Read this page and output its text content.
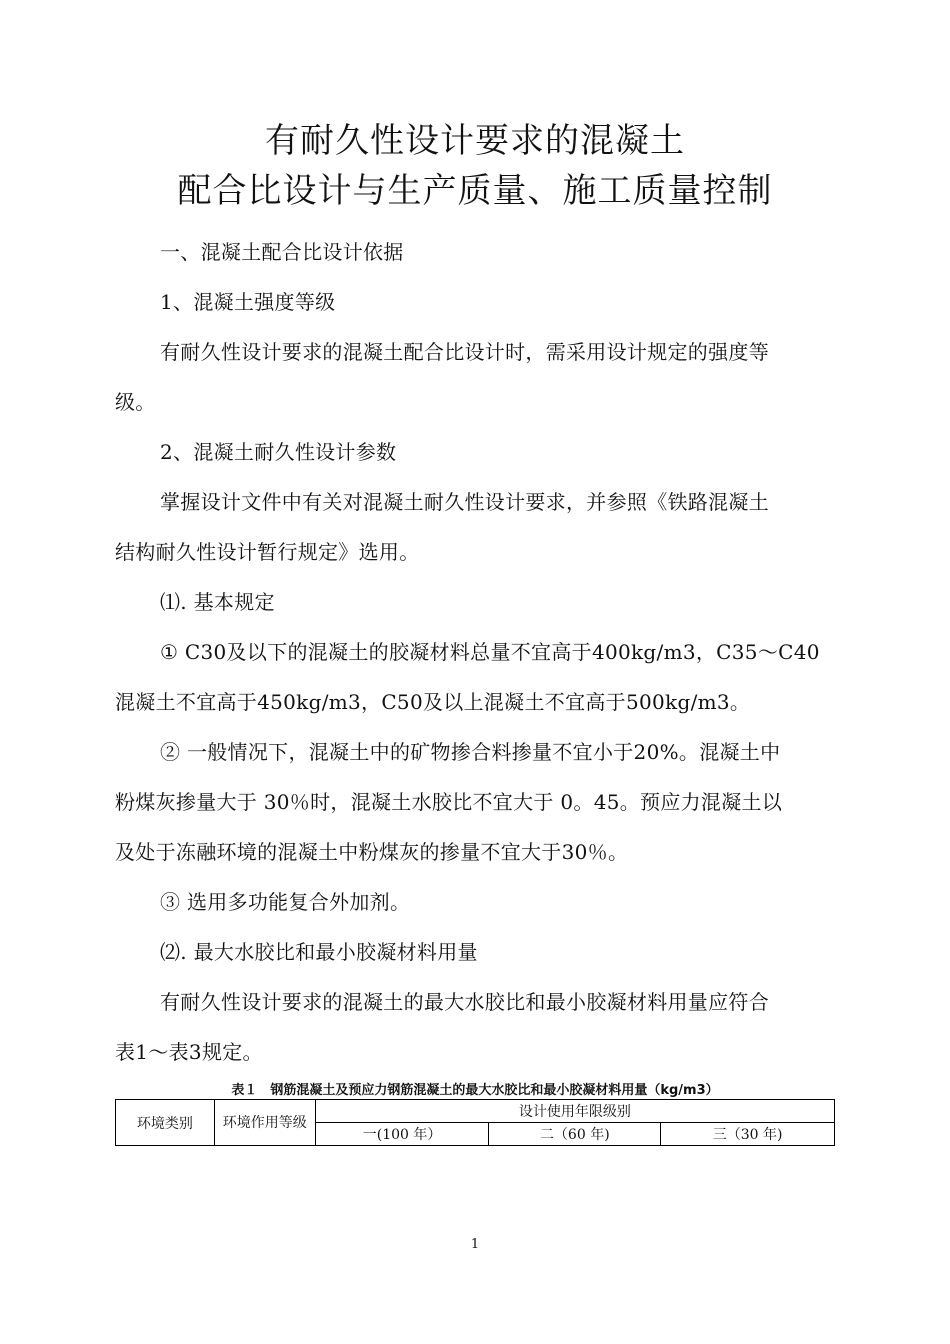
有耐久性设计要求的混凝土
配合比设计与生产质量、施工质量控制
一、混凝土配合比设计依据
1、混凝土强度等级
有耐久性设计要求的混凝土配合比设计时，需采用设计规定的强度等
级。
2、混凝土耐久性设计参数
掌握设计文件中有关对混凝土耐久性设计要求，并参照《铁路混凝土
结构耐久性设计暂行规定》选用。
⑴. 基本规定
① C30及以下的混凝土的胶凝材料总量不宜高于400kg/m3，C35～C40
混凝土不宜高于450kg/m3，C50及以上混凝土不宜高于500kg/m3。
② 一般情况下，混凝土中的矿物掺合料掺量不宜小于20%。混凝土中
粉煤灰掺量大于 30％时，混凝土水胶比不宜大于 0。45。预应力混凝土以
及处于冻融环境的混凝土中粉煤灰的掺量不宜大于30％。
③ 选用多功能复合外加剂。
⑵. 最大水胶比和最小胶凝材料用量
有耐久性设计要求的混凝土的最大水胶比和最小胶凝材料用量应符合
表1～表3规定。
表１　钢筋混凝土及预应力钢筋混凝土的最大水胶比和最小胶凝材料用量（kg/m3）
环境类别	环境作用等级	设计使用年限级别		
		一(100 年）	二（60 年)	三（30 年)
1
